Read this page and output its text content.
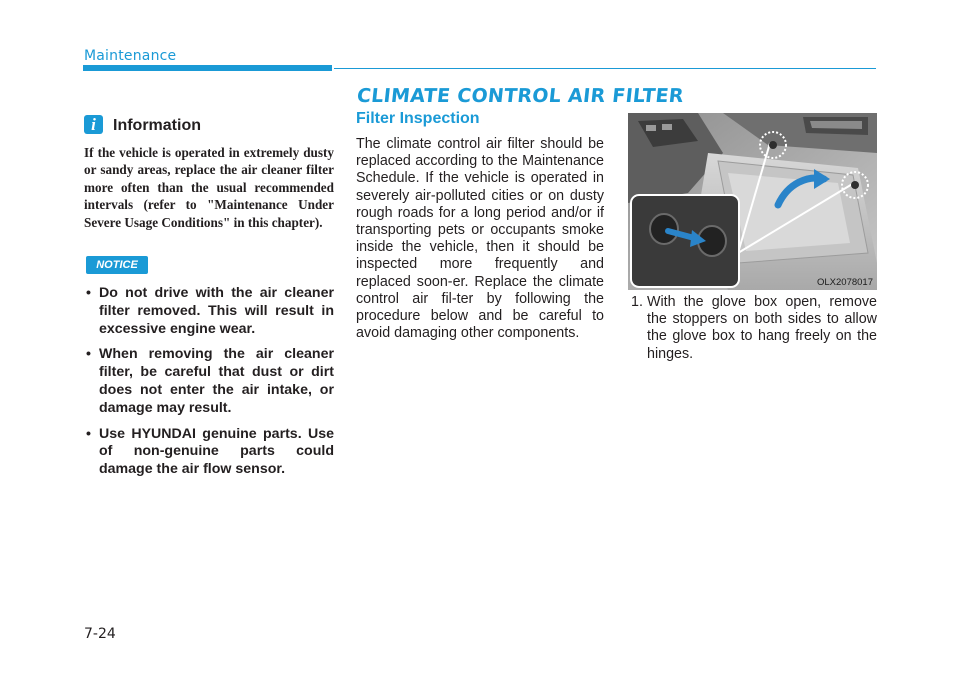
Maintenance
CLIMATE CONTROL AIR FILTER
i	Information
If the vehicle is operated in extremely dusty or sandy areas, replace the air cleaner filter more often than the usual recommended intervals (refer to "Maintenance Under Severe Usage Conditions" in this chapter).
NOTICE
• Do not drive with the air cleaner filter removed. This will result in excessive engine wear.
• When removing the air cleaner filter, be careful that dust or dirt does not enter the air intake, or damage may result.
• Use HYUNDAI genuine parts. Use of non-genuine parts could damage the air flow sensor.
Filter Inspection
The climate control air filter should be replaced according to the Maintenance Schedule. If the vehicle is operated in severely air-polluted cities or on dusty rough roads for a long period and/or if transporting pets or occupants smoke inside the vehicle, then it should be inspected more frequently and replaced soon-er. Replace the climate control air fil-ter by following the procedure below and be careful to avoid damaging other components.
OLX2078017
1. With the glove box open, remove the stoppers on both sides to allow the glove box to hang freely on the hinges.
7-24
